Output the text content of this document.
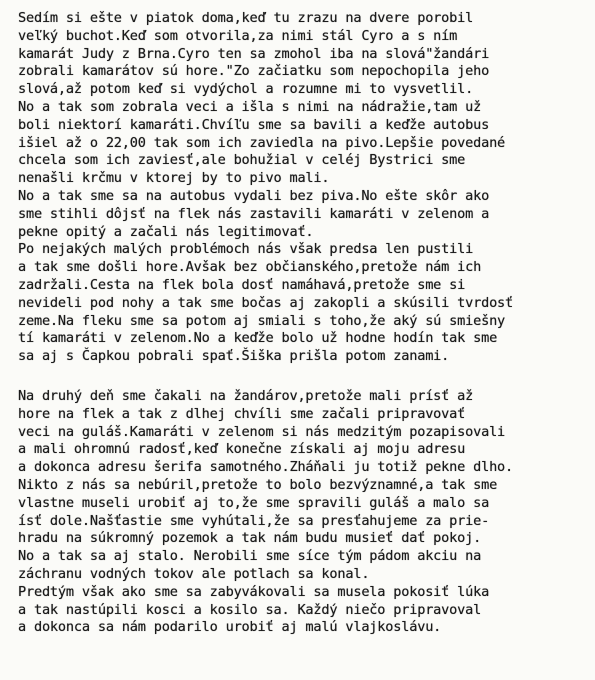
Sedím si ešte v piatok doma,keď tu zrazu na dvere porobil
veľký buchot.Keď som otvorila,za nimi stál Cyro a s ním
kamarát Judy z Brna.Cyro ten sa zmohol iba na slová"žandári
zobrali kamarátov sú hore."Zo začiatku som nepochopila jeho
slová,až potom keď si vydýchol a rozumne mi to vysvetlil.
No a tak som zobrala veci a išla s nimi na nádražie,tam už
boli niektorí kamaráti.Chvíľu sme sa bavili a keďže autobus
išiel až o 22,00 tak som ich zaviedla na pivo.Lepšie povedané
chcela som ich zaviesť,ale bohužial v celéj Bystrici sme
nenašli krčmu v ktorej by to pivo mali.
No a tak sme sa na autobus vydali bez piva.No ešte skôr ako
sme stihli dôjsť na flek nás zastavili kamaráti v zelenom a
pekne opitý a začali nás legitimovať.
Po nejakých malých problémoch nás však predsa len pustili
a tak sme došli hore.Avšak bez občianského,pretože nám ich
zadržali.Cesta na flek bola dosť namáhavá,pretože sme si
nevideli pod nohy a tak sme bočas aj zakopli a skúsili tvrdosť
zeme.Na fleku sme sa potom aj smiali s toho,že aký sú smiešny
tí kamaráti v zelenom.No a keďže bolo už hodne hodín tak sme
sa aj s Čapkou pobrali spať.Šiška prišla potom zanami.
Na druhý deň sme čakali na žandárov,pretože mali prísť až
hore na flek a tak z dlhej chvíli sme začali pripravovať
veci na guláš.Kamaráti v zelenom si nás medzitým pozapisovali
a mali ohromnú radosť,keď konečne získali aj moju adresu
a dokonca adresu šerifa samotného.Zháňali ju totiž pekne dlho.
Nikto z nás sa nebúril,pretože to bolo bezvýznamné,a tak sme
vlastne museli urobiť aj to,že sme spravili guláš a malo sa
ísť dole.Našťastie sme vyhútali,že sa presťahujeme za prie-
hradu na súkromný pozemok a tak nám budu musieť dať pokoj.
No a tak sa aj stalo. Nerobili sme síce tým pádom akciu na
záchranu vodných tokov ale potlach sa konal.
Predtým však ako sme sa zabyvákovali sa musela pokosiť lúka
a tak nastúpili kosci a kosilo sa. Každý niečo pripravoval
a dokonca sa nám podarilo urobiť aj malú vlajkoslávu.
